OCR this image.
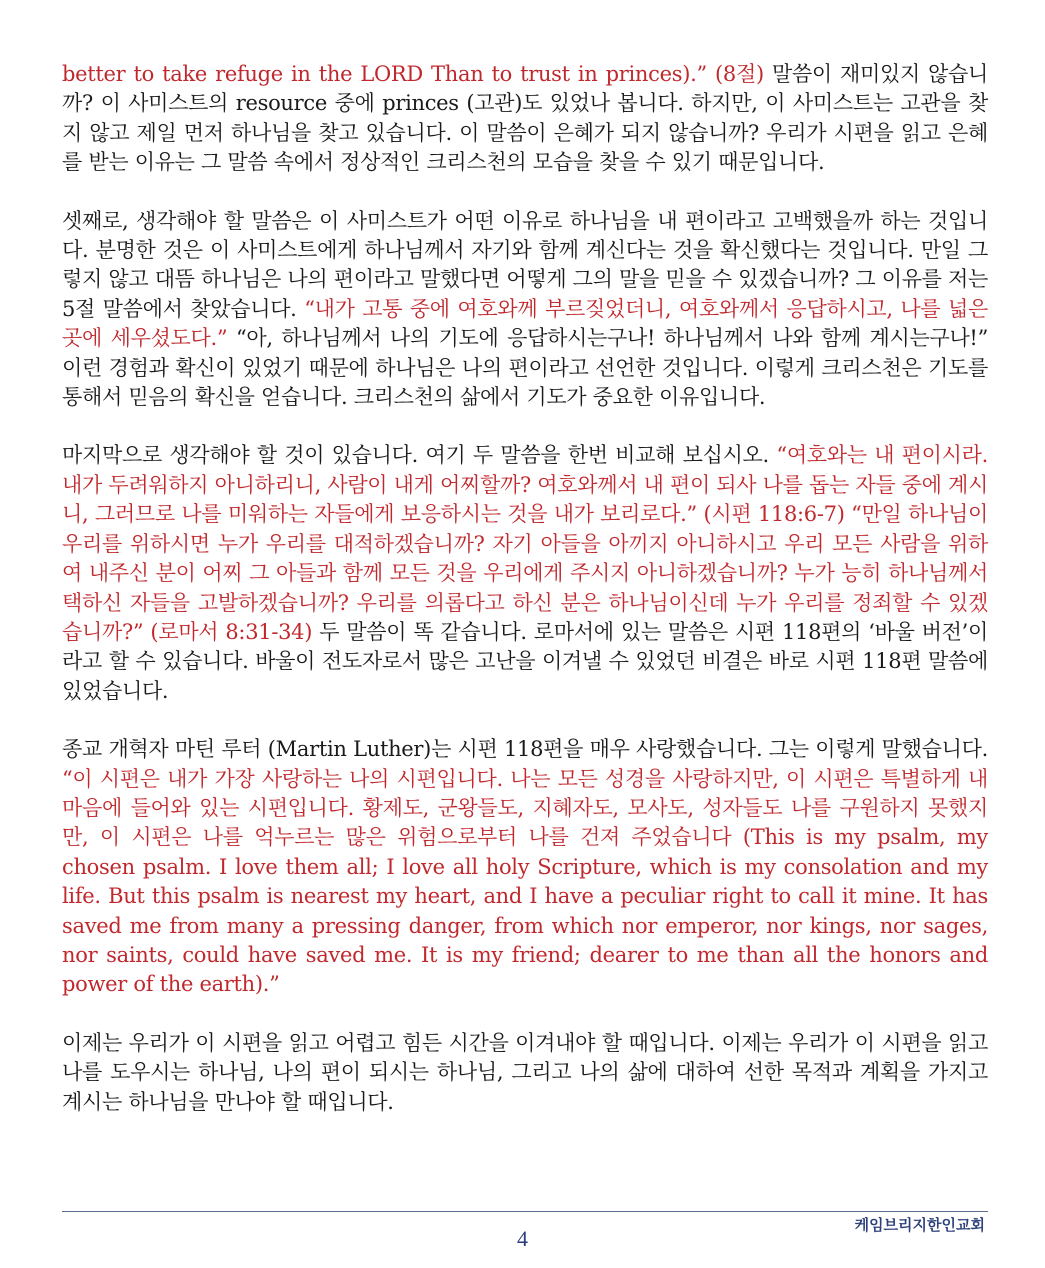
better to take refuge in the LORD Than to trust in princes).” (8절) 말씀이 재미있지 않습니까? 이 사미스트의 resource 중에 princes (고관)도 있었나 봅니다. 하지만, 이 사미스트는 고관을 찾지 않고 제일 먼저 하나님을 찾고 있습니다. 이 말씀이 은혜가 되지 않습니까? 우리가 시편을 읽고 은혜를 받는 이유는 그 말씀 속에서 정상적인 크리스천의 모습을 찾을 수 있기 때문입니다.

셋째로, 생각해야 할 말씀은 이 사미스트가 어떤 이유로 하나님을 내 편이라고 고백했을까 하는 것입니다. 분명한 것은 이 사미스트에게 하나님께서 자기와 함께 계신다는 것을 확신했다는 것입니다. 만일 그렇지 않고 대뜸 하나님은 나의 편이라고 말했다면 어떻게 그의 말을 믿을 수 있겠습니까? 그 이유를 저는 5절 말씀에서 찾았습니다. “내가 고통 중에 여호와께 부르짖었더니, 여호와께서 응답하시고, 나를 넓은 곳에 세우셨도다.” “아, 하나님께서 나의 기도에 응답하시는구나! 하나님께서 나와 함께 계시는구나!” 이런 경험과 확신이 있었기 때문에 하나님은 나의 편이라고 선언한 것입니다. 이렇게 크리스천은 기도를 통해서 믿음의 확신을 얻습니다. 크리스천의 삶에서 기도가 중요한 이유입니다.

마지막으로 생각해야 할 것이 있습니다. 여기 두 말씀을 한번 비교해 보십시오. “여호와는 내 편이시라. 내가 두려워하지 아니하리니, 사람이 내게 어찌할까? 여호와께서 내 편이 되사 나를 돕는 자들 중에 계시니, 그러므로 나를 미워하는 자들에게 보응하시는 것을 내가 보리로다.” (시편 118:6-7) “만일 하나님이 우리를 위하시면 누가 우리를 대적하겠습니까? 자기 아들을 아끼지 아니하시고 우리 모든 사람을 위하여 내주신 분이 어찌 그 아들과 함께 모든 것을 우리에게 주시지 아니하겠습니까? 누가 능히 하나님께서 택하신 자들을 고발하겠습니까? 우리를 의롭다고 하신 분은 하나님이신데 누가 우리를 정죄할 수 있겠습니까?” (로마서 8:31-34) 두 말씀이 똑 같습니다. 로마서에 있는 말씀은 시편 118편의 ‘바울 버전’이라고 할 수 있습니다. 바울이 전도자로서 많은 고난을 이겨낼 수 있었던 비결은 바로 시편 118편 말씀에 있었습니다.

종교 개혁자 마틴 루터 (Martin Luther)는 시편 118편을 매우 사랑했습니다. 그는 이렇게 말했습니다. “이 시편은 내가 가장 사랑하는 나의 시편입니다. 나는 모든 성경을 사랑하지만, 이 시편은 특별하게 내 마음에 들어와 있는 시편입니다. 황제도, 군왕들도, 지혜자도, 모사도, 성자들도 나를 구원하지 못했지만, 이 시편은 나를 억누르는 많은 위험으로부터 나를 건져 주었습니다 (This is my psalm, my chosen psalm. I love them all; I love all holy Scripture, which is my consolation and my life. But this psalm is nearest my heart, and I have a peculiar right to call it mine. It has saved me from many a pressing danger, from which nor emperor, nor kings, nor sages, nor saints, could have saved me. It is my friend; dearer to me than all the honors and power of the earth).”

이제는 우리가 이 시편을 읽고 어렵고 힘든 시간을 이겨내야 할 때입니다. 이제는 우리가 이 시편을 읽고 나를 도우시는 하나님, 나의 편이 되시는 하나님, 그리고 나의 삶에 대하여 선한 목적과 계획을 가지고 계시는 하나님을 만나야 할 때입니다.

4
케임브리지한인교회
